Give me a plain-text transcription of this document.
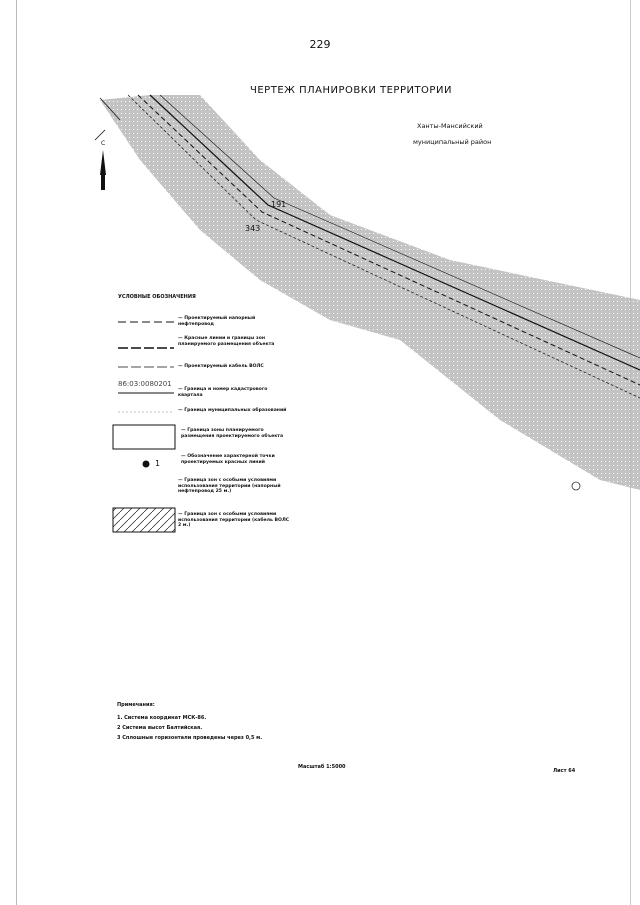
229
ЧЕРТЕЖ ПЛАНИРОВКИ ТЕРРИТОРИИ
Ханты-Мансийский
муниципальный район
С
191
343
УСЛОВНЫЕ ОБОЗНАЧЕНИЯ
— Проектируемый напорный нефтепровод
— Красные линии и границы зон планируемого размещения объекта
— Проектируемый кабель ВОЛС
86:03:0080201
— Граница и номер кадастрового квартала
— Граница муниципальных образований
— Граница зоны планируемого размещения проектируемого объекта
1
— Обозначение характерной точки проектируемых красных линий
— Граница зон с особыми условиями использования территории (напорный нефтепровод 25 м.)
— Граница зон с особыми условиями использования территории (кабель ВОЛС 2 м.)
Примечания:
1. Система координат МСК-86.
2 Система высот Балтийская.
3 Сплошные горизонтали проведены через 0,5 м.
Масштаб 1:5000
Лист 64
